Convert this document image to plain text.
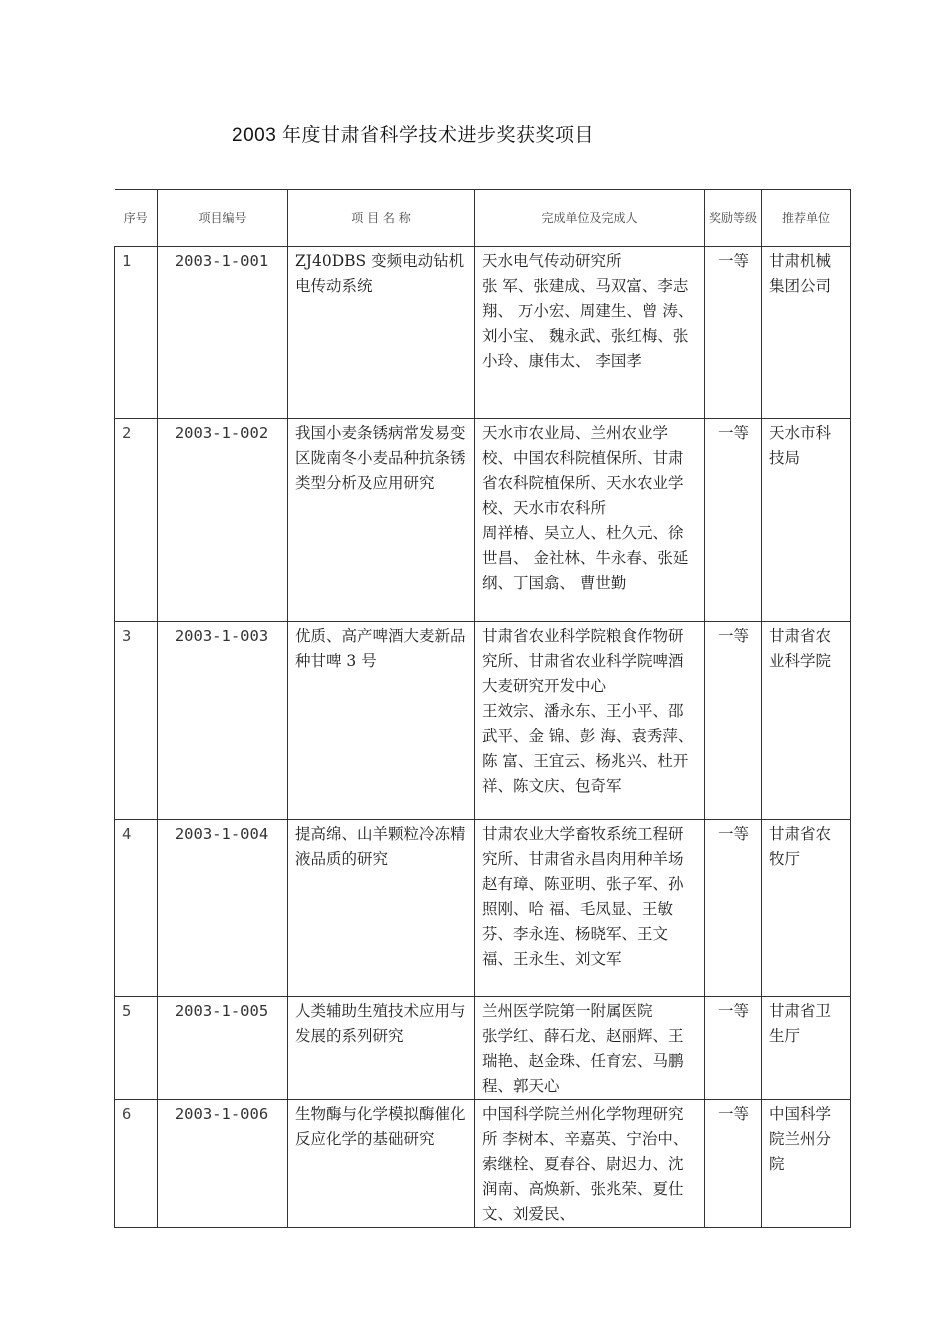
2003 年度甘肃省科学技术进步奖获奖项目
序号	项目编号	项 目 名 称	完成单位及完成人	奖励等级	推荐单位
1	2003-1-001	ZJ40DBS 变频电动钻机电传动系统	天水电气传动研究所
张 军、张建成、马双富、李志翔、 万小宏、周建生、曾 涛、刘小宝、 魏永武、张红梅、张小玲、康伟太、 李国孝	一等	甘肃机械集团公司
2	2003-1-002	我国小麦条锈病常发易变区陇南冬小麦品种抗条锈类型分析及应用研究	天水市农业局、兰州农业学校、中国农科院植保所、甘肃省农科院植保所、天水农业学校、天水市农科所
周祥椿、吴立人、杜久元、徐世昌、 金社林、牛永春、张延纲、丁国翕、 曹世勤	一等	天水市科技局
3	2003-1-003	优质、高产啤酒大麦新品种甘啤 3 号	甘肃省农业科学院粮食作物研究所、甘肃省农业科学院啤酒大麦研究开发中心
王效宗、潘永东、王小平、邵武平、金 锦、彭 海、袁秀萍、陈 富、王宜云、杨兆兴、杜开祥、陈文庆、包奇军	一等	甘肃省农业科学院
4	2003-1-004	提高绵、山羊颗粒冷冻精液品质的研究	甘肃农业大学畜牧系统工程研究所、甘肃省永昌肉用种羊场 赵有璋、陈亚明、张子军、孙照刚、哈 福、毛凤显、王敏芬、李永连、杨晓军、王文福、王永生、刘文军	一等	甘肃省农牧厅
5	2003-1-005	人类辅助生殖技术应用与发展的系列研究	兰州医学院第一附属医院
张学红、薛石龙、赵丽辉、王瑞艳、赵金珠、任育宏、马鹏程、郭天心	一等	甘肃省卫生厅
6	2003-1-006	生物酶与化学模拟酶催化反应化学的基础研究	中国科学院兰州化学物理研究所 李树本、辛嘉英、宁治中、索继栓、夏春谷、尉迟力、沈润南、高焕新、张兆荣、夏仕文、刘爱民、	一等	中国科学院兰州分院
